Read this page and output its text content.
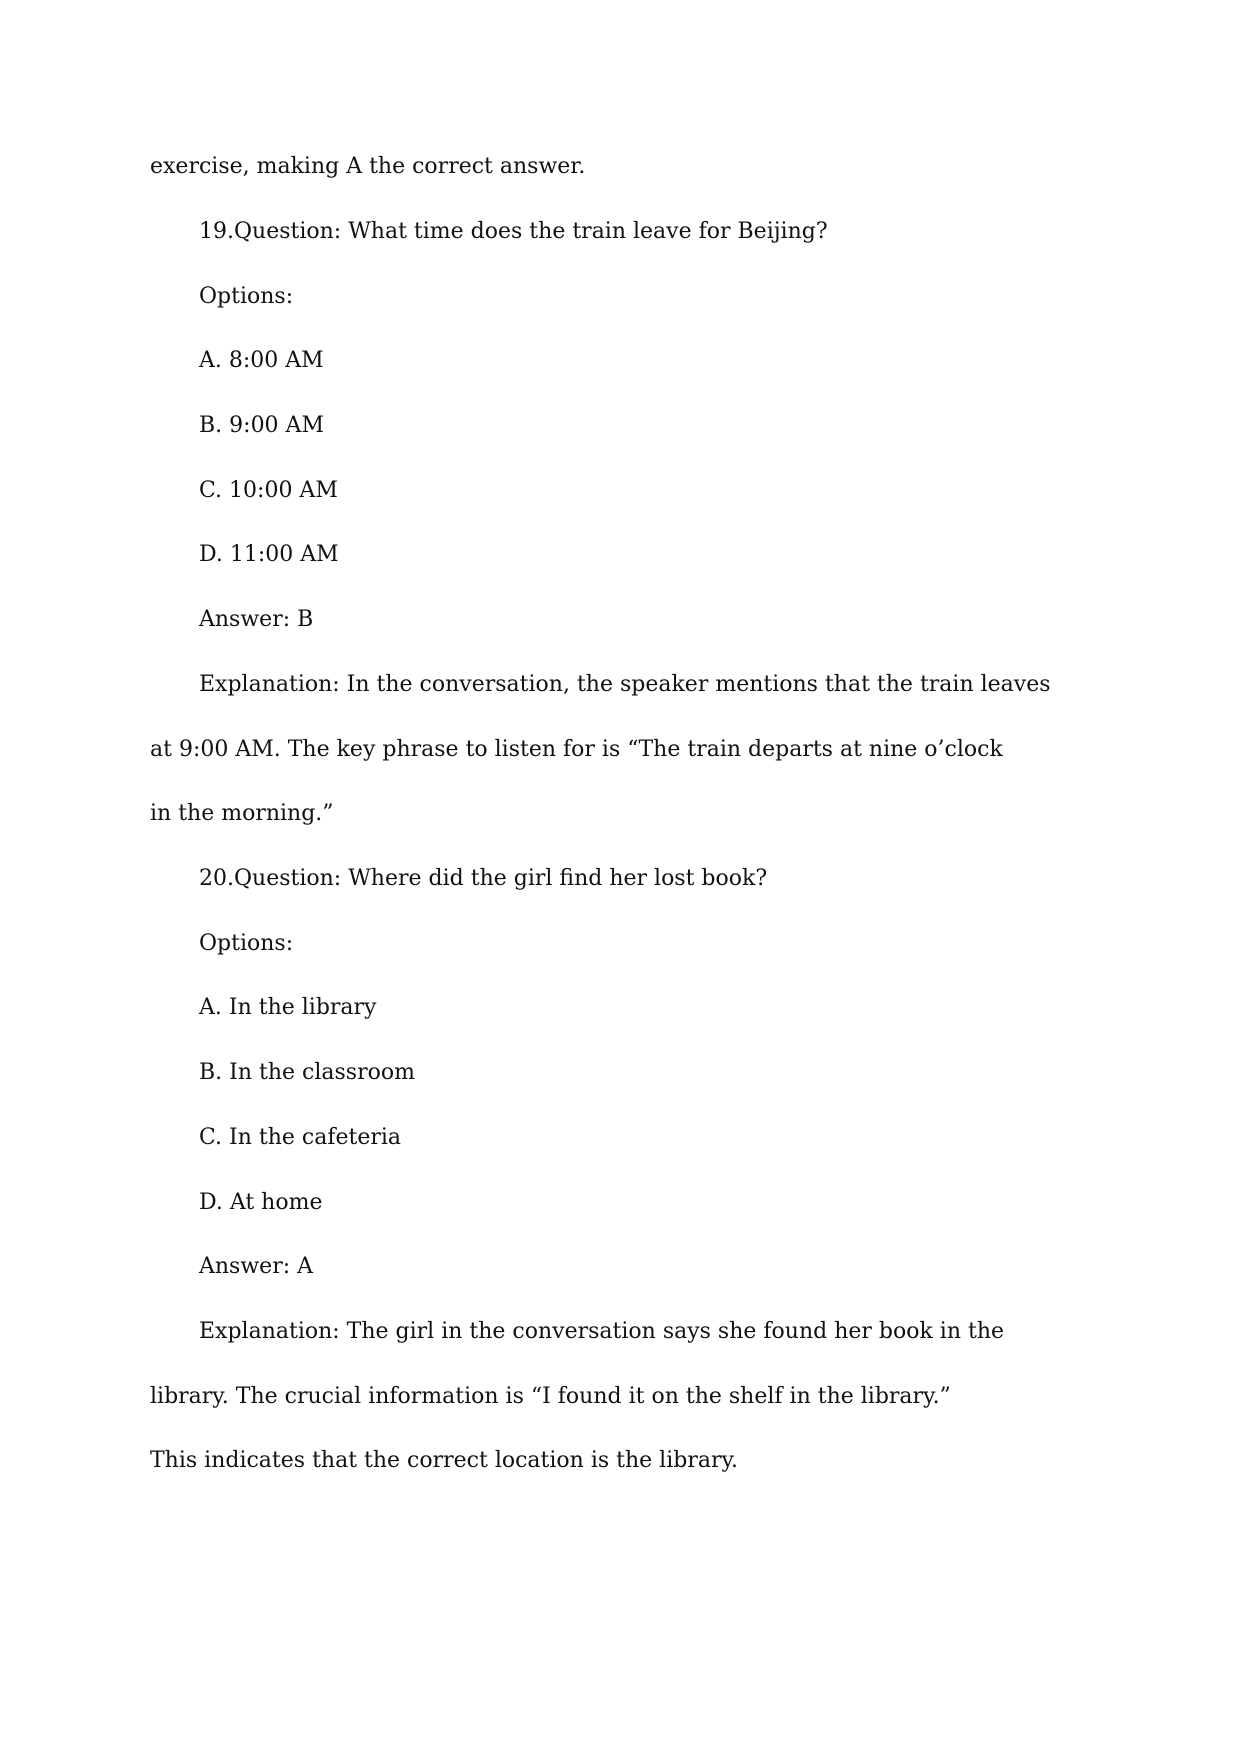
exercise, making A the correct answer.
19.Question: What time does the train leave for Beijing?
Options:
A. 8:00 AM
B. 9:00 AM
C. 10:00 AM
D. 11:00 AM
Answer: B
Explanation: In the conversation, the speaker mentions that the train leaves
at 9:00 AM. The key phrase to listen for is “The train departs at nine o’clock
in the morning.”
20.Question: Where did the girl find her lost book?
Options:
A. In the library
B. In the classroom
C. In the cafeteria
D. At home
Answer: A
Explanation: The girl in the conversation says she found her book in the
library. The crucial information is “I found it on the shelf in the library.”
This indicates that the correct location is the library.
